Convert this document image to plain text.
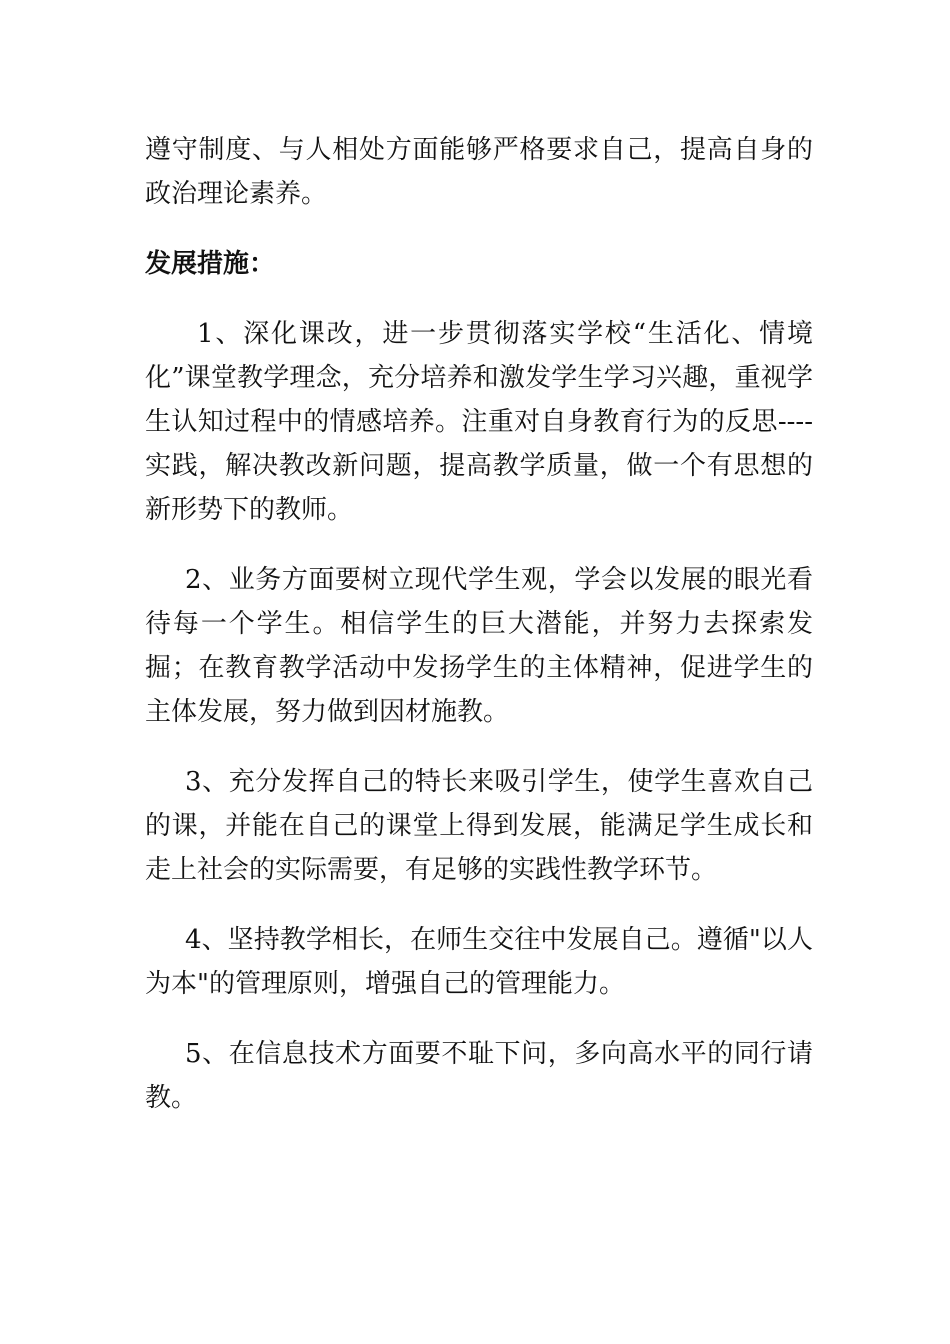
遵守制度、与人相处方面能够严格要求自己，提高自身的政治理论素养。

发展措施：

1、深化课改，进一步贯彻落实学校“生活化、情境化”课堂教学理念，充分培养和激发学生学习兴趣，重视学生认知过程中的情感培养。注重对自身教育行为的反思----实践，解决教改新问题，提高教学质量，做一个有思想的新形势下的教师。

2、业务方面要树立现代学生观，学会以发展的眼光看待每一个学生。相信学生的巨大潜能，并努力去探索发掘；在教育教学活动中发扬学生的主体精神，促进学生的主体发展，努力做到因材施教。

3、充分发挥自己的特长来吸引学生，使学生喜欢自己的课，并能在自己的课堂上得到发展，能满足学生成长和走上社会的实际需要，有足够的实践性教学环节。

4、坚持教学相长，在师生交往中发展自己。遵循"以人为本"的管理原则，增强自己的管理能力。

5、在信息技术方面要不耻下问，多向高水平的同行请教。
